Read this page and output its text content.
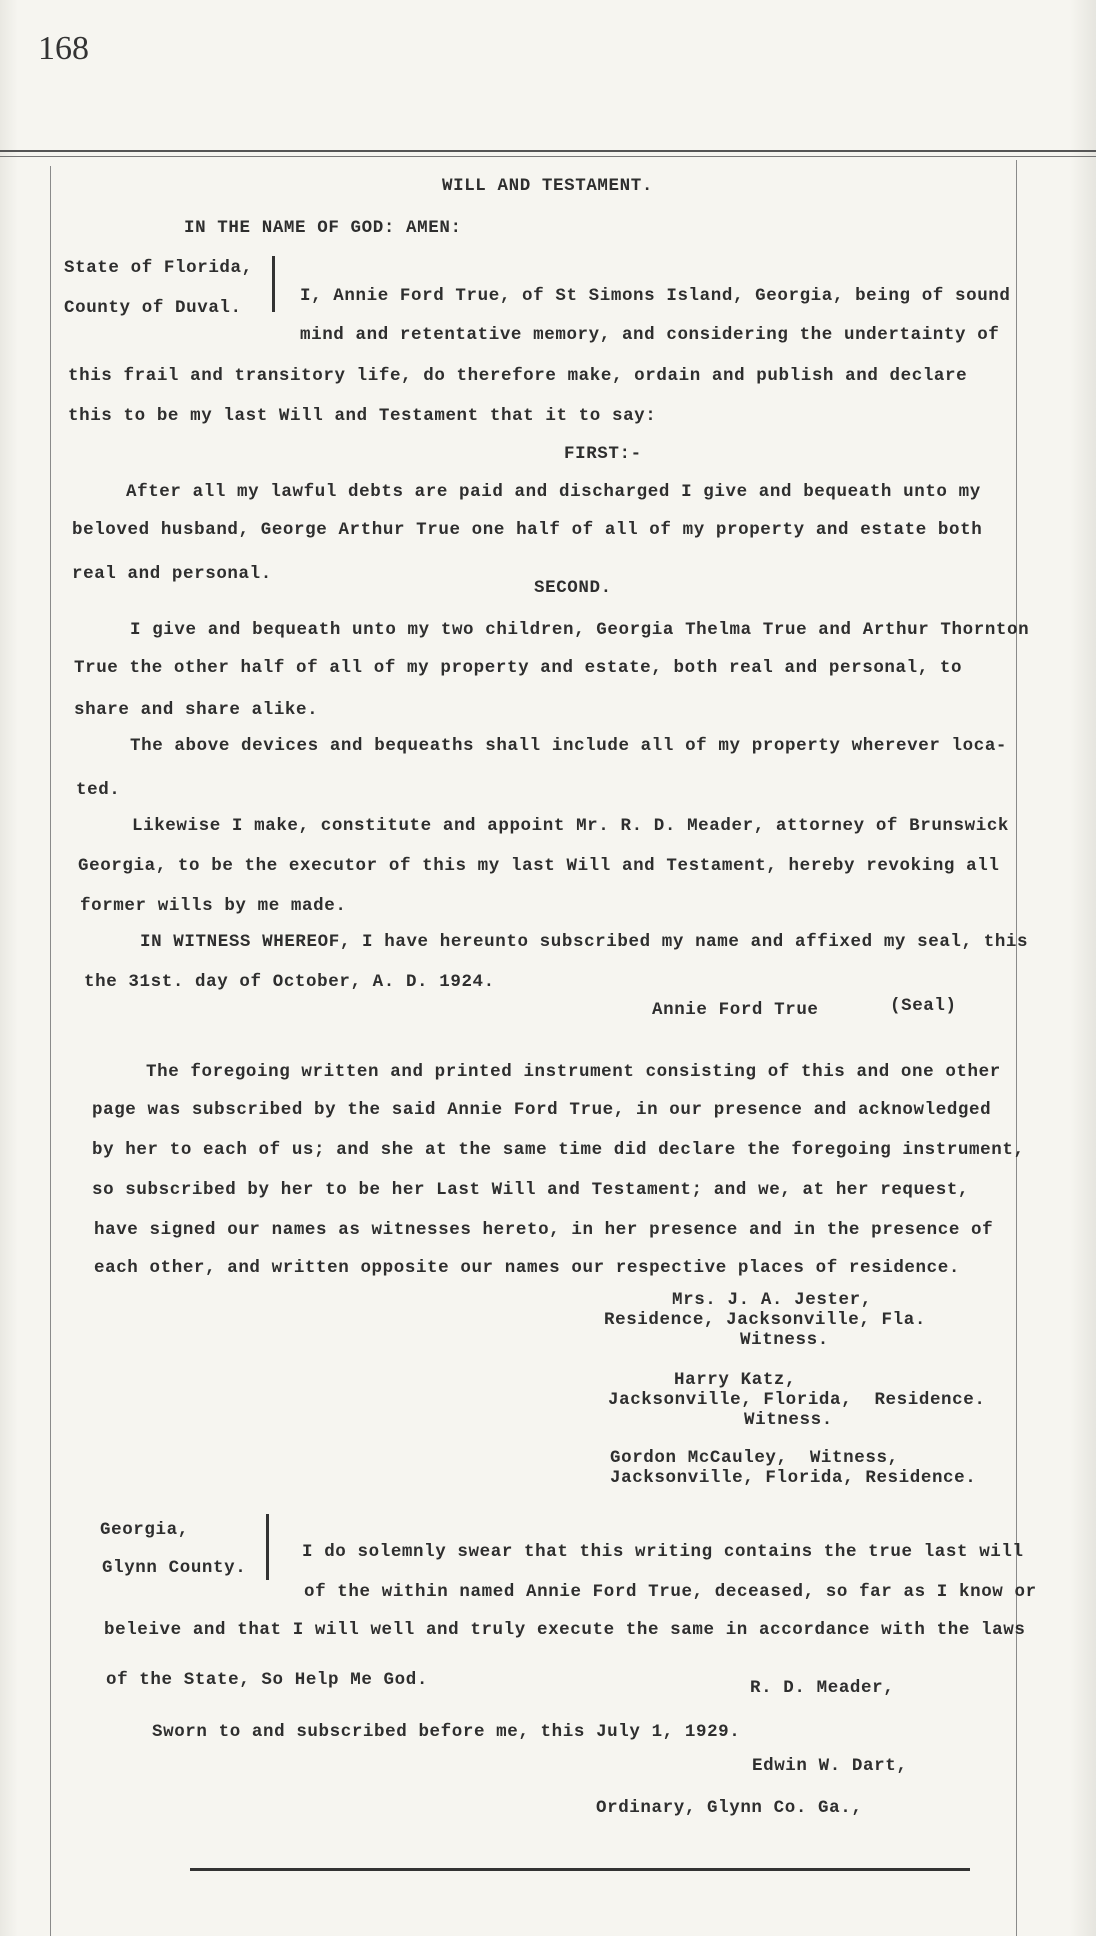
168
WILL AND TESTAMENT.
IN THE NAME OF GOD: AMEN:
State of Florida,
County of Duval.
I, Annie Ford True, of St Simons Island, Georgia, being of sound
mind and retentative memory, and considering the undertainty of
this frail and transitory life, do therefore make, ordain and publish and declare
this to be my last Will and Testament that it to say:
FIRST:-
After all my lawful debts are paid and discharged I give and bequeath unto my
beloved husband, George Arthur True one half of all of my property and estate both
real and personal.
SECOND.
I give and bequeath unto my two children, Georgia Thelma True and Arthur Thornton
True the other half of all of my property and estate, both real and personal, to
share and share alike.
The above devices and bequeaths shall include all of my property wherever loca-
ted.
Likewise I make, constitute and appoint Mr. R. D. Meader, attorney of Brunswick
Georgia, to be the executor of this my last Will and Testament, hereby revoking all
former wills by me made.
IN WITNESS WHEREOF, I have hereunto subscribed my name and affixed my seal, this
the 31st. day of October, A. D. 1924.
Annie Ford True	(Seal)
The foregoing written and printed instrument consisting of this and one other
page was subscribed by the said Annie Ford True, in our presence and acknowledged
by her to each of us; and she at the same time did declare the foregoing instrument,
so subscribed by her to be her Last Will and Testament; and we, at her request,
have signed our names as witnesses hereto, in her presence and in the presence of
each other, and written opposite our names our respective places of residence.
Mrs. J. A. Jester,
Residence, Jacksonville, Fla.
Witness.
Harry Katz,
Jacksonville, Florida,  Residence.
Witness.
Gordon McCauley,  Witness,
Jacksonville, Florida, Residence.
Georgia,
Glynn County.
I do solemnly swear that this writing contains the true last will
of the within named Annie Ford True, deceased, so far as I know or
beleive and that I will well and truly execute the same in accordance with the laws
of the State, So Help Me God.	R. D. Meader,
Sworn to and subscribed before me, this July 1, 1929.
Edwin W. Dart,
Ordinary, Glynn Co. Ga.,
